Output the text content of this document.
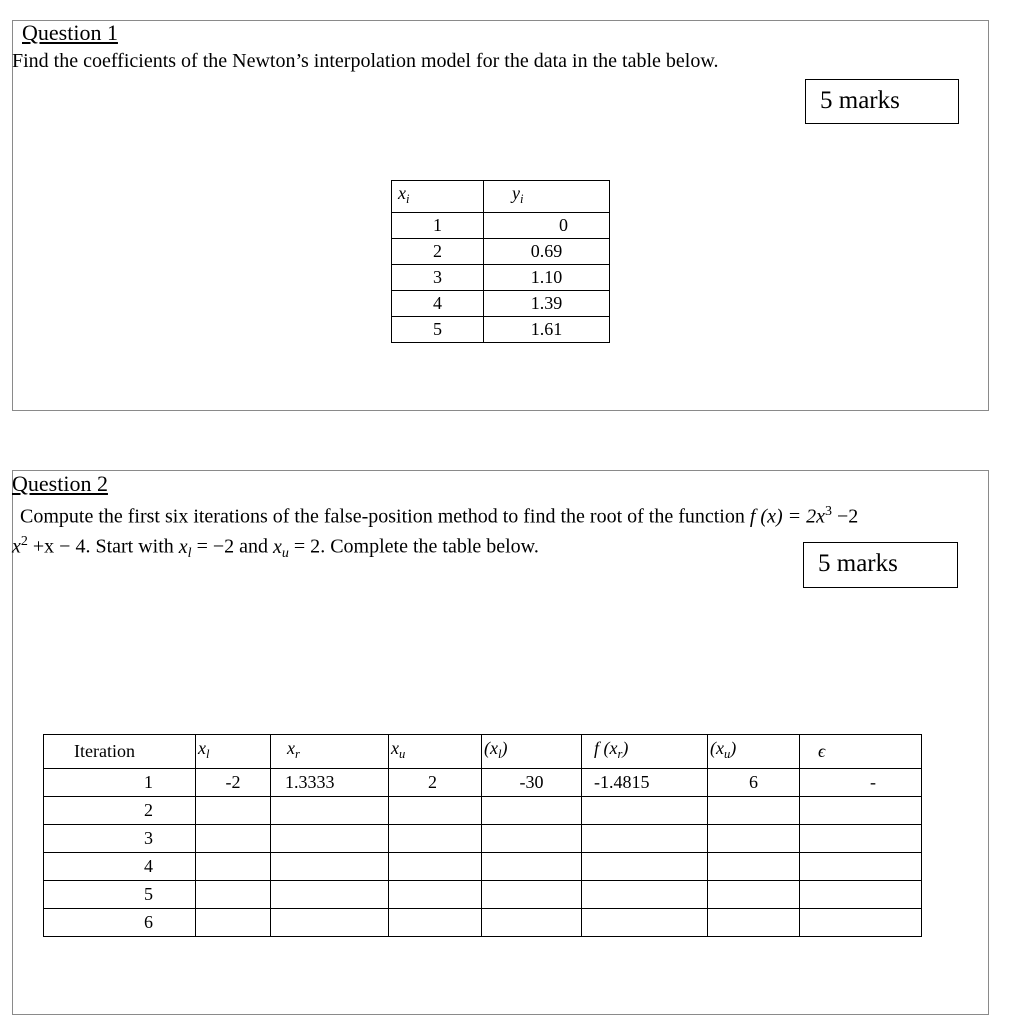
Question 1
Find the coefficients of the Newton’s interpolation model for the data in the table below.
5 marks
$x_i$	$y_i$
1	0
2	0.69
3	1.10
4	1.39
5	1.61
Question 2
Compute the first six iterations of the false-position method to find the root of the function f $(x) = 2x^3 -2$
$x^2 +x - 4$. Start with $x_l = -2$ and $x_u = 2$. Complete the table below.
5 marks
Iteration	$x_l$	$x_r$	$x_u$	$(x_l)$	f $(x_r)$	$(x_u)$	ϵ
1	-2	1.3333	2	-30	-1.4815	6	-
2							
3							
4							
5							
6							
